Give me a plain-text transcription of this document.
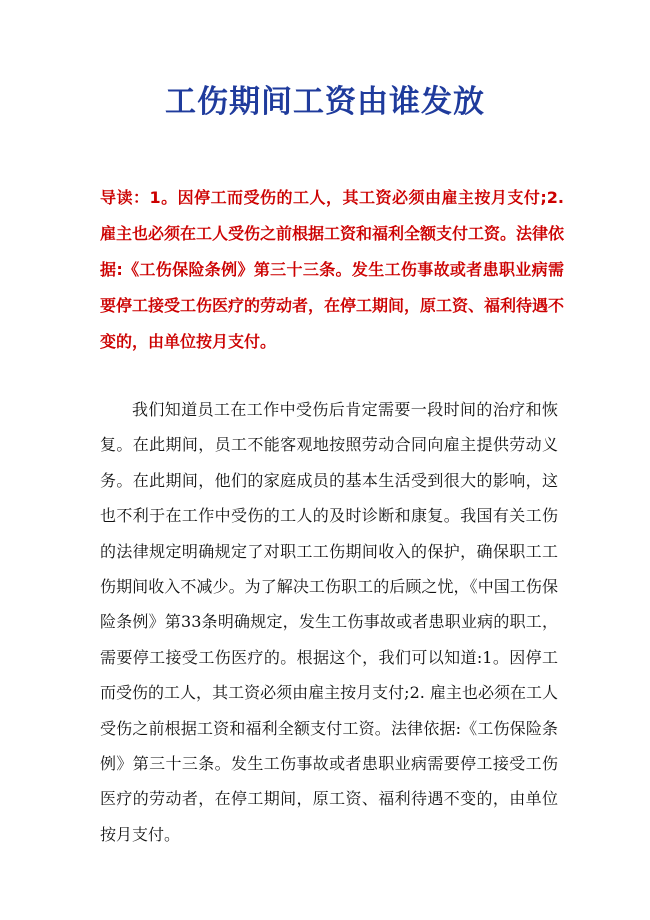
工伤期间工资由谁发放
导读：1。因停工而受伤的工人，其工资必须由雇主按月支付;2.雇主也必须在工人受伤之前根据工资和福利全额支付工资。法律依据:《工伤保险条例》第三十三条。发生工伤事故或者患职业病需要停工接受工伤医疗的劳动者，在停工期间，原工资、福利待遇不变的，由单位按月支付。
我们知道员工在工作中受伤后肯定需要一段时间的治疗和恢复。在此期间，员工不能客观地按照劳动合同向雇主提供劳动义务。在此期间，他们的家庭成员的基本生活受到很大的影响，这也不利于在工作中受伤的工人的及时诊断和康复。我国有关工伤的法律规定明确规定了对职工工伤期间收入的保护，确保职工工伤期间收入不减少。为了解决工伤职工的后顾之忧，《中国工伤保险条例》第33条明确规定，发生工伤事故或者患职业病的职工，需要停工接受工伤医疗的。根据这个，我们可以知道:1。因停工而受伤的工人，其工资必须由雇主按月支付;2. 雇主也必须在工人受伤之前根据工资和福利全额支付工资。法律依据:《工伤保险条例》第三十三条。发生工伤事故或者患职业病需要停工接受工伤医疗的劳动者，在停工期间，原工资、福利待遇不变的，由单位按月支付。
